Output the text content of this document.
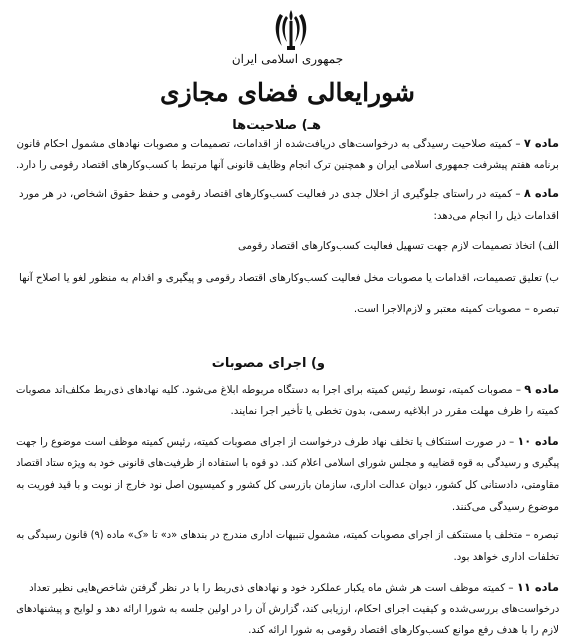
جمهوری اسلامی ایران
شورایعالی فضای مجازی
هـ) صلاحیت‌ها
ماده ۷ – کمیته صلاحیت رسیدگی به درخواست‌های دریافت‌شده از اقدامات، تصمیمات و مصوبات نهادهای مشمول احکام قانون
برنامه هفتم پیشرفت جمهوری اسلامی ایران و همچنین ترک انجام وظایف قانونی آنها مرتبط با کسب‌وکارهای اقتصاد رقومی را دارد.
ماده ۸ – کمیته در راستای جلوگیری از اخلال جدی در فعالیت کسب‌وکارهای اقتصاد رقومی و حفظ حقوق اشخاص، در هر مورد
اقدامات ذیل را انجام می‌دهد:
الف) اتخاذ تصمیمات لازم جهت تسهیل فعالیت کسب‌وکارهای اقتصاد رقومی
ب) تعلیق تصمیمات، اقدامات یا مصوبات مخل فعالیت کسب‌وکارهای اقتصاد رقومی و پیگیری و اقدام به منظور لغو یا اصلاح آنها
تبصره – مصوبات کمیته معتبر و لازم‌الاجرا است.
و) اجرای مصوبات
ماده ۹ – مصوبات کمیته، توسط رئیس کمیته برای اجرا به دستگاه مربوطه ابلاغ می‌شود. کلیه نهادهای ذی‌ربط مکلف‌اند مصوبات
کمیته را ظرف مهلت مقرر در ابلاغیه رسمی، بدون تخطی یا تأخیر اجرا نمایند.
ماده ۱۰ – در صورت استنکاف یا تخلف نهاد طرف درخواست از اجرای مصوبات کمیته، رئیس کمیته موظف است موضوع را جهت
پیگیری و رسیدگی به قوه قضاییه و مجلس شورای اسلامی اعلام کند. دو قوه با استفاده از ظرفیت‌های قانونی خود به ویژه ستاد اقتصاد
مقاومتی، دادستانی کل کشور، دیوان عدالت اداری، سازمان بازرسی کل کشور و کمیسیون اصل نود خارج از نوبت و با قید فوریت به
موضوع رسیدگی می‌کنند.
تبصره – متخلف یا مستنکف از اجرای مصوبات کمیته، مشمول تنبیهات اداری مندرج در بندهای «د» تا «ک» ماده (۹) قانون رسیدگی به
تخلفات اداری خواهد بود.
ماده ۱۱ – کمیته موظف است هر شش ماه یکبار عملکرد خود و نهادهای ذی‌ربط را با در نظر گرفتن شاخص‌هایی نظیر تعداد
درخواست‌های بررسی‌شده و کیفیت اجرای احکام، ارزیابی کند، گزارش آن را در اولین جلسه به شورا ارائه دهد و لوایح و پیشنهادهای
لازم را با هدف رفع موانع کسب‌وکارهای اقتصاد رقومی به شورا ارائه کند.
